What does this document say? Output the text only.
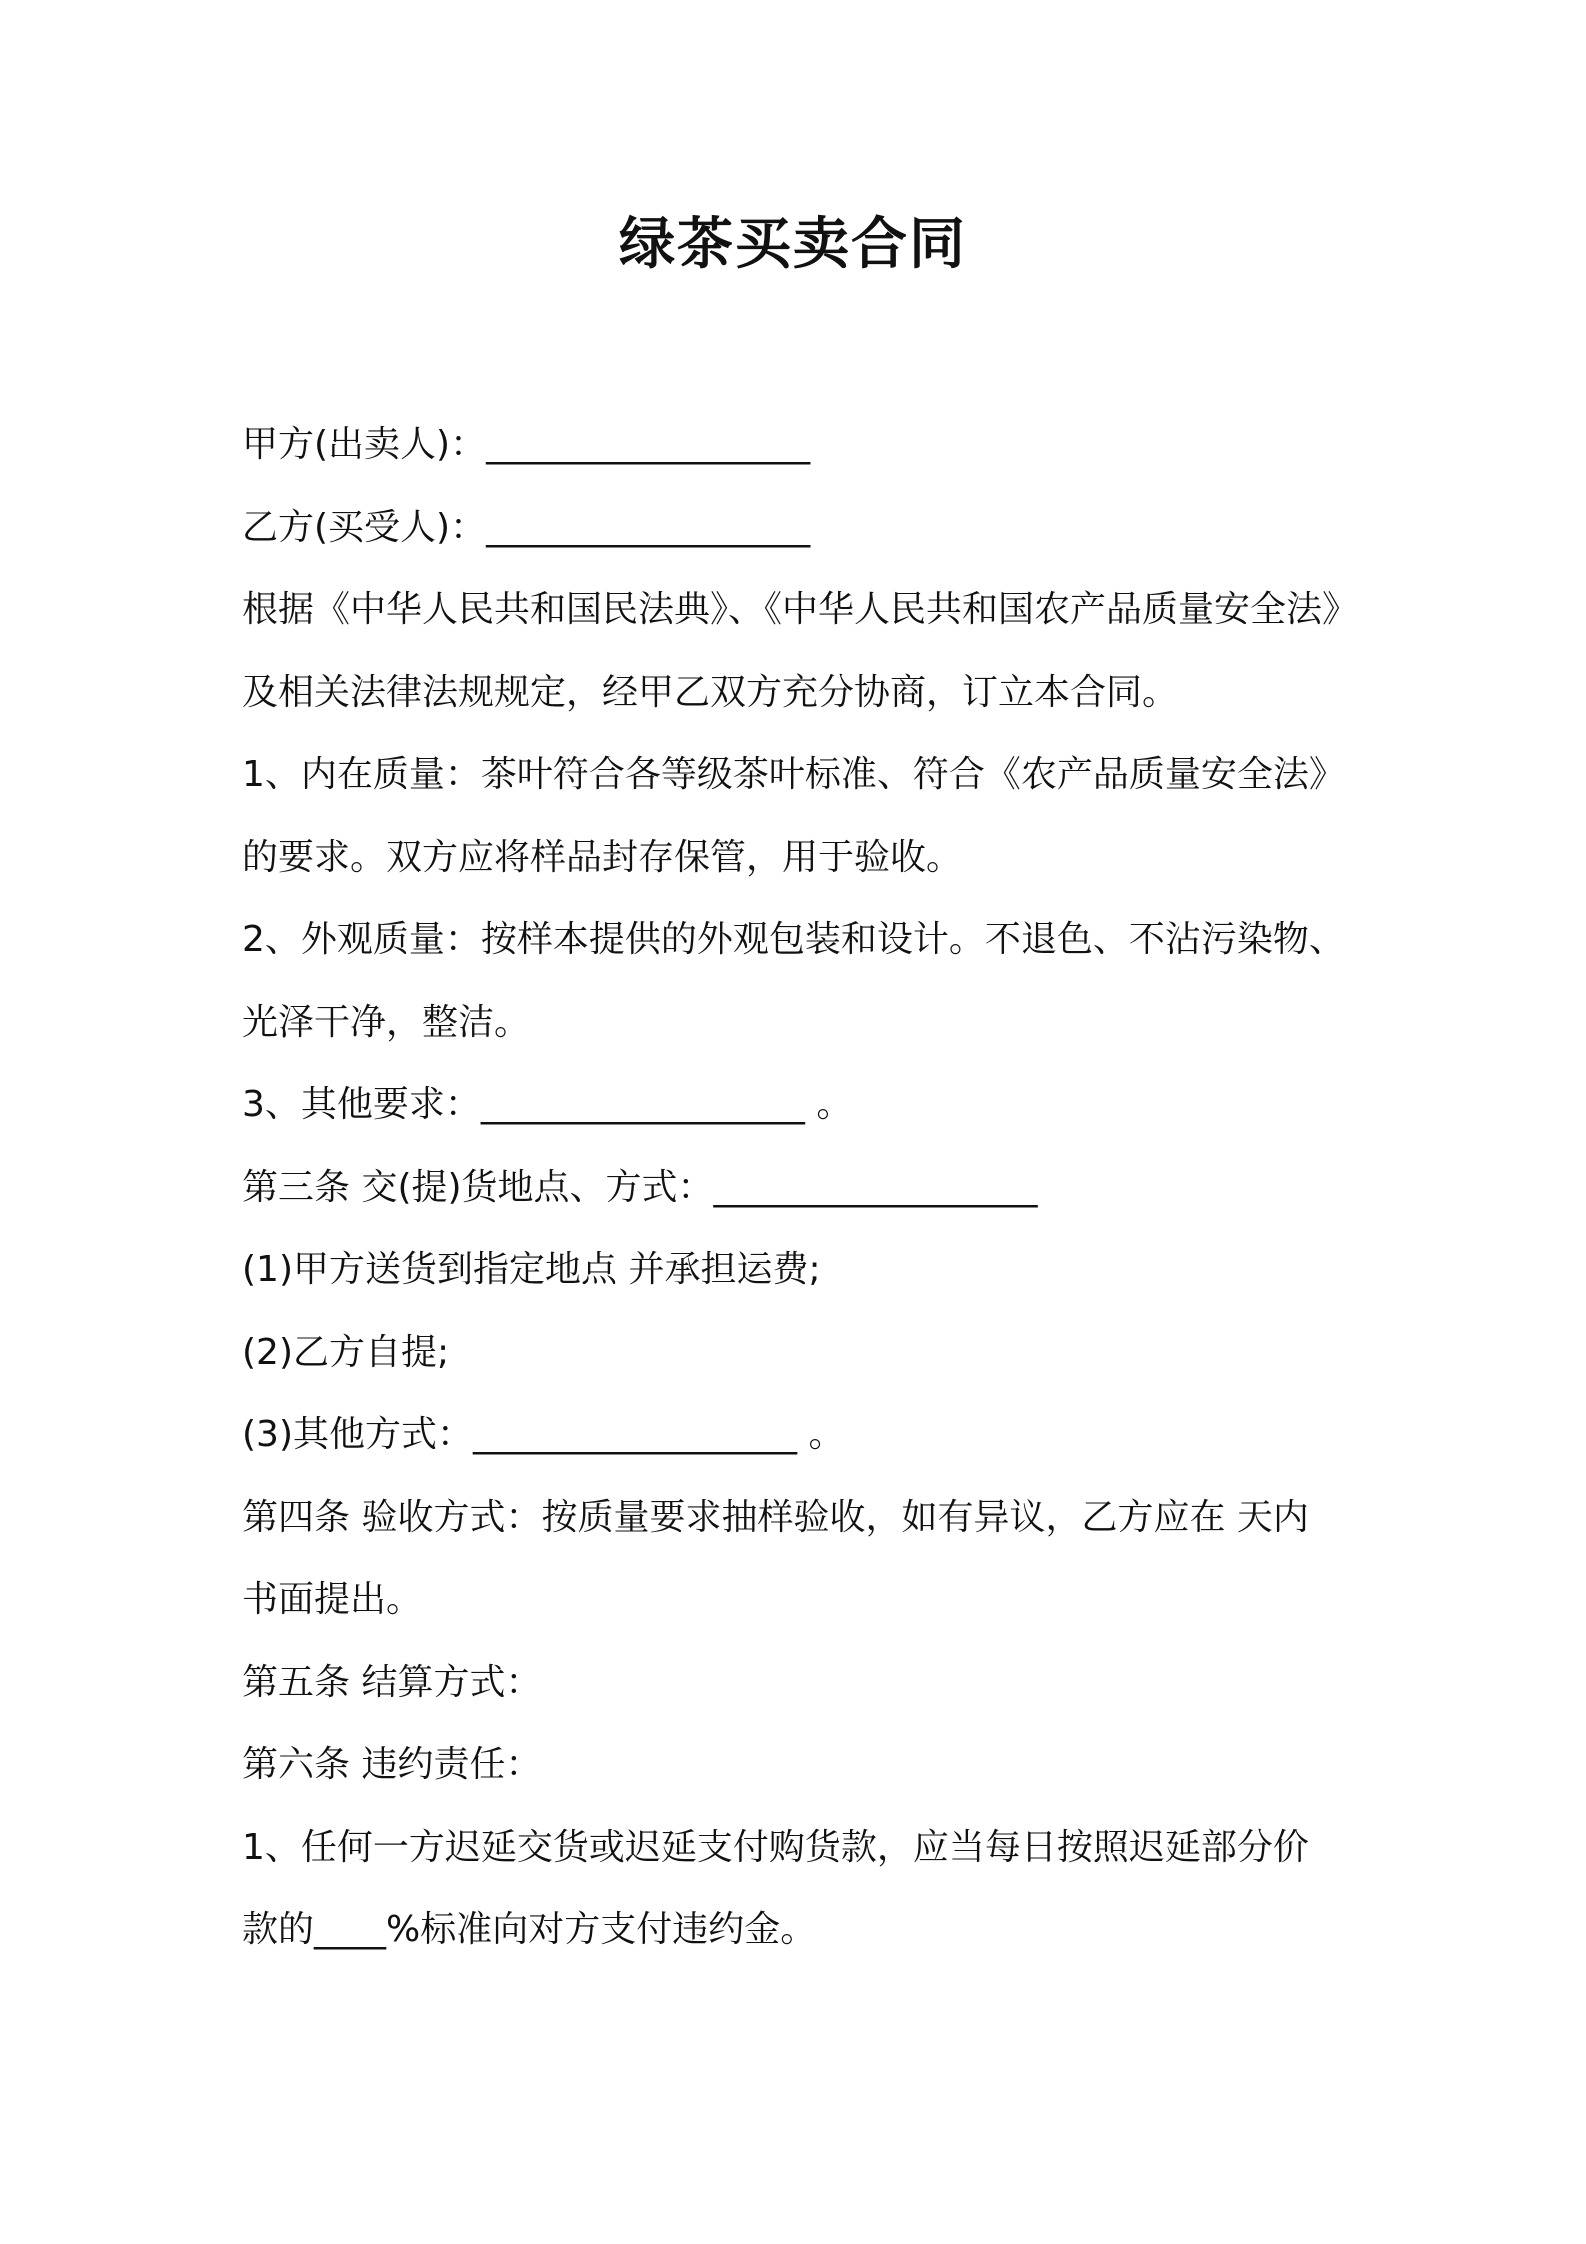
绿茶买卖合同
甲方(出卖人)：__________________
乙方(买受人)：__________________
根据《中华人民共和国民法典》、《中华人民共和国农产品质量安全法》
及相关法律法规规定，经甲乙双方充分协商，订立本合同。
1、内在质量：茶叶符合各等级茶叶标准、符合《农产品质量安全法》
的要求。双方应将样品封存保管，用于验收。
2、外观质量：按样本提供的外观包装和设计。不退色、不沾污染物、
光泽干净，整洁。
3、其他要求：__________________ 。
第三条 交(提)货地点、方式：__________________
(1)甲方送货到指定地点 并承担运费;
(2)乙方自提;
(3)其他方式：__________________ 。
第四条 验收方式：按质量要求抽样验收，如有异议，乙方应在 天内
书面提出。
第五条 结算方式：
第六条 违约责任：
1、任何一方迟延交货或迟延支付购货款，应当每日按照迟延部分价
款的____%标准向对方支付违约金。
